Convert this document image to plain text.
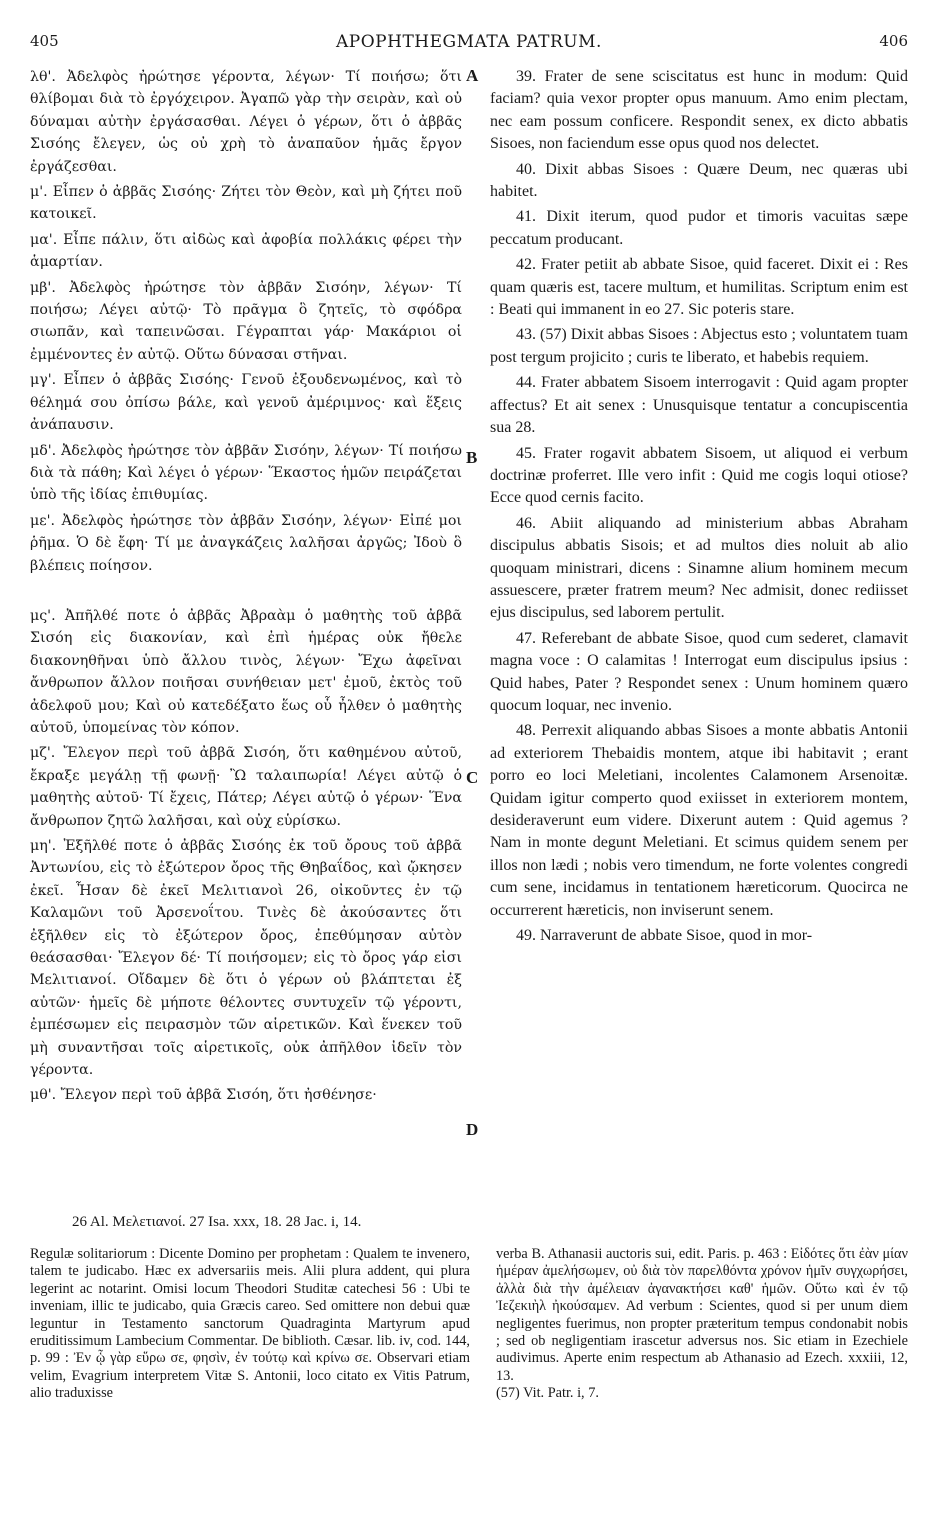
405	APOPHTHEGMATA PATRUM.	406

λθ'. Ἀδελφὸς ἠρώτησε γέροντα, λέγων· Τί ποιήσω; ὅτι θλίβομαι διὰ τὸ ἐργόχειρον. Ἀγαπῶ γὰρ τὴν σειρὰν, καὶ οὐ δύναμαι αὐτὴν ἐργάσασθαι. Λέγει ὁ γέρων, ὅτι ὁ ἀββᾶς Σισόης ἔλεγεν, ὡς οὐ χρὴ τὸ ἀναπαῦον ἡμᾶς ἔργον ἐργάζεσθαι.

μ'. Εἶπεν ὁ ἀββᾶς Σισόης· Ζήτει τὸν Θεὸν, καὶ μὴ ζήτει ποῦ κατοικεῖ.

μα'. Εἶπε πάλιν, ὅτι αἰδὼς καὶ ἀφοβία πολλάκις φέρει τὴν ἁμαρτίαν.

μβ'. Ἀδελφὸς ἠρώτησε τὸν ἀββᾶν Σισόην, λέγων· Τί ποιήσω; Λέγει αὐτῷ· Τὸ πρᾶγμα ὃ ζητεῖς, τὸ σφόδρα σιωπᾶν, καὶ ταπεινῶσαι. Γέγραπται γάρ· Μακάριοι οἱ ἐμμένοντες ἐν αὐτῷ. Οὕτω δύνασαι στῆναι.

μγ'. Εἶπεν ὁ ἀββᾶς Σισόης· Γενοῦ ἐξουδενωμένος, καὶ τὸ θέλημά σου ὀπίσω βάλε, καὶ γενοῦ ἀμέριμνος· καὶ ἕξεις ἀνάπαυσιν.

μδ'. Ἀδελφὸς ἠρώτησε τὸν ἀββᾶν Σισόην, λέγων· Τί ποιήσω διὰ τὰ πάθη; Καὶ λέγει ὁ γέρων· Ἕκαστος ἡμῶν πειράζεται ὑπὸ τῆς ἰδίας ἐπιθυμίας.

με'. Ἀδελφὸς ἠρώτησε τὸν ἀββᾶν Σισόην, λέγων· Εἰπέ μοι ῥῆμα. Ὁ δὲ ἔφη· Τί με ἀναγκάζεις λαλῆσαι ἀργῶς; Ἰδοὺ ὃ βλέπεις ποίησον.

μς'. Ἀπῆλθέ ποτε ὁ ἀββᾶς Ἀβραὰμ ὁ μαθητὴς τοῦ ἀββᾶ Σισόη εἰς διακονίαν, καὶ ἐπὶ ἡμέρας οὐκ ἤθελε διακονηθῆναι ὑπὸ ἄλλου τινὸς, λέγων· Ἔχω ἀφεῖναι ἄνθρωπον ἄλλον ποιῆσαι συνήθειαν μετ' ἐμοῦ, ἐκτὸς τοῦ ἀδελφοῦ μου; Καὶ οὐ κατεδέξατο ἕως οὗ ἦλθεν ὁ μαθητὴς αὐτοῦ, ὑπομείνας τὸν κόπον.

μζ'. Ἔλεγον περὶ τοῦ ἀββᾶ Σισόη, ὅτι καθημένου αὐτοῦ, ἔκραξε μεγάλῃ τῇ φωνῇ· Ὢ ταλαιπωρία! Λέγει αὐτῷ ὁ μαθητὴς αὐτοῦ· Τί ἔχεις, Πάτερ; Λέγει αὐτῷ ὁ γέρων· Ἕνα ἄνθρωπον ζητῶ λαλῆσαι, καὶ οὐχ εὑρίσκω.

μη'. Ἐξῆλθέ ποτε ὁ ἀββᾶς Σισόης ἐκ τοῦ ὄρους τοῦ ἀββᾶ Ἀντωνίου, εἰς τὸ ἐξώτερον ὄρος τῆς Θηβαΐδος, καὶ ᾤκησεν ἐκεῖ. Ἦσαν δὲ ἐκεῖ Μελιτιανοὶ 26, οἰκοῦντες ἐν τῷ Καλαμῶνι τοῦ Ἀρσενοΐτου. Τινὲς δὲ ἀκούσαντες ὅτι ἐξῆλθεν εἰς τὸ ἐξώτερον ὄρος, ἐπεθύμησαν αὐτὸν θεάσασθαι· Ἔλεγον δέ· Τί ποιήσομεν; εἰς τὸ ὄρος γάρ εἰσι Μελιτιανοί. Οἴδαμεν δὲ ὅτι ὁ γέρων οὐ βλάπτεται ἐξ αὐτῶν· ἡμεῖς δὲ μήποτε θέλοντες συντυχεῖν τῷ γέροντι, ἐμπέσωμεν εἰς πειρασμὸν τῶν αἱρετικῶν. Καὶ ἕνεκεν τοῦ μὴ συναντῆσαι τοῖς αἱρετικοῖς, οὐκ ἀπῆλθον ἰδεῖν τὸν γέροντα.

μθ'. Ἔλεγον περὶ τοῦ ἀββᾶ Σισόη, ὅτι ἠσθένησε·

A
B
C
D

39. Frater de sene sciscitatus est hunc in modum: Quid faciam? quia vexor propter opus manuum. Amo enim plectam, nec eam possum conficere. Respondit senex, ex dicto abbatis Sisoes, non faciendum esse opus quod nos delectet.

40. Dixit abbas Sisoes : Quære Deum, nec quæras ubi habitet.

41. Dixit iterum, quod pudor et timoris vacuitas sæpe peccatum producant.

42. Frater petiit ab abbate Sisoe, quid faceret. Dixit ei : Res quam quæris est, tacere multum, et humilitas. Scriptum enim est : Beati qui immanent in eo 27. Sic poteris stare.

43. (57) Dixit abbas Sisoes : Abjectus esto ; voluntatem tuam post tergum projicito ; curis te liberato, et habebis requiem.

44. Frater abbatem Sisoem interrogavit : Quid agam propter affectus? Et ait senex : Unusquisque tentatur a concupiscentia sua 28.

45. Frater rogavit abbatem Sisoem, ut aliquod ei verbum doctrinæ proferret. Ille vero infit : Quid me cogis loqui otiose? Ecce quod cernis facito.

46. Abiit aliquando ad ministerium abbas Abraham discipulus abbatis Sisois; et ad multos dies noluit ab alio quoquam ministrari, dicens : Sinamne alium hominem mecum assuescere, præter fratrem meum? Nec admisit, donec rediisset ejus discipulus, sed laborem pertulit.

47. Referebant de abbate Sisoe, quod cum sederet, clamavit magna voce : O calamitas ! Interrogat eum discipulus ipsius : Quid habes, Pater ? Respondet senex : Unum hominem quæro quocum loquar, nec invenio.

48. Perrexit aliquando abbas Sisoes a monte abbatis Antonii ad exteriorem Thebaidis montem, atque ibi habitavit ; erant porro eo loci Meletiani, incolentes Calamonem Arsenoitæ. Quidam igitur comperto quod exiisset in exteriorem montem, desideraverunt eum videre. Dixerunt autem : Quid agemus ? Nam in monte degunt Meletiani. Et scimus quidem senem per illos non lædi ; nobis vero timendum, ne forte volentes congredi cum sene, incidamus in tentationem hæreticorum. Quocirca ne occurrerent hæreticis, non inviserunt senem.

49. Narraverunt de abbate Sisoe, quod in mor-

26 Al. Μελετιανοί. 27 Isa. xxx, 18. 28 Jac. i, 14.

Regulæ solitariorum : Dicente Domino per prophetam : Qualem te invenero, talem te judicabo. Hæc ex adversariis meis. Alii plura addent, qui plura legerint ac notarint. Omisi locum Theodori Studitæ catechesi 56 : Ubi te inveniam, illic te judicabo, quia Græcis careo. Sed omittere non debui quæ leguntur in Testamento sanctorum Quadraginta Martyrum apud eruditissimum Lambecium Commentar. De biblioth. Cæsar. lib. iv, cod. 144, p. 99 : Ἐν ᾧ γὰρ εὕρω σε, φησὶν, ἐν τούτῳ καὶ κρίνω σε. Observari etiam velim, Evagrium interpretem Vitæ S. Antonii, loco citato ex Vitis Patrum, alio traduxisse

verba B. Athanasii auctoris sui, edit. Paris. p. 463 : Εἰδότες ὅτι ἐὰν μίαν ἡμέραν ἀμελήσωμεν, οὐ διὰ τὸν παρελθόντα χρόνον ἡμῖν συγχωρήσει, ἀλλὰ διὰ τὴν ἀμέλειαν ἀγανακτήσει καθ' ἡμῶν. Οὕτω καὶ ἐν τῷ Ἰεζεκιὴλ ἠκούσαμεν. Ad verbum : Scientes, quod si per unum diem negligentes fuerimus, non propter præteritum tempus condonabit nobis ; sed ob negligentiam irascetur adversus nos. Sic etiam in Ezechiele audivimus. Aperte enim respectum ab Athanasio ad Ezech. xxxiii, 12, 13.

(57) Vit. Patr. i, 7.
